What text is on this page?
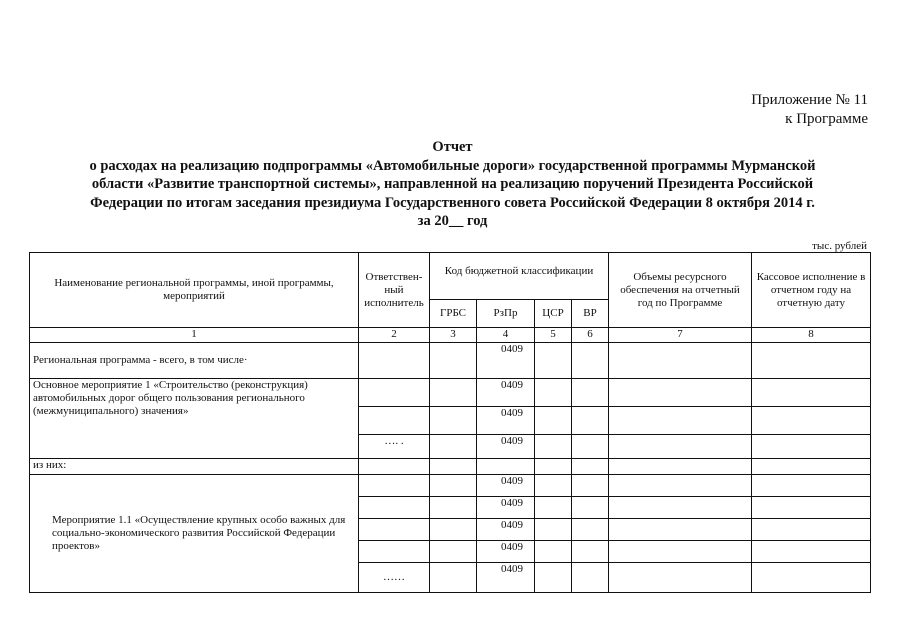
Приложение № 11
к Программе
Отчет
о расходах на реализацию подпрограммы «Автомобильные дороги» государственной программы Мурманской
области «Развитие транспортной системы», направленной на реализацию поручений Президента Российской
Федерации по итогам заседания президиума Государственного совета Российской Федерации 8 октября 2014 г.
за 20__ год
тыс. рублей
Наименование региональной программы, иной программы, мероприятий	Ответствен-ный исполнитель	Код бюджетной классификации				Объемы ресурсного обеспечения на отчетный год по Программе	Кассовое исполнение в отчетном году на отчетную дату
		ГРБС	РзПр	ЦСР	ВР		
1	2	3	4	5	6	7	8
Региональная программа - всего, в том числе·			0409				
Основное мероприятие 1 «Строительство (реконструкция) автомобильных дорог общего пользования регионального (межмуниципального) значения»			0409				
			0409				
	…. .		0409				
из них:							
Мероприятие 1.1 «Осуществление крупных особо важных для социально-экономического развития Российской Федерации проектов»			0409				
			0409				
			0409				
			0409				
	……		0409				
